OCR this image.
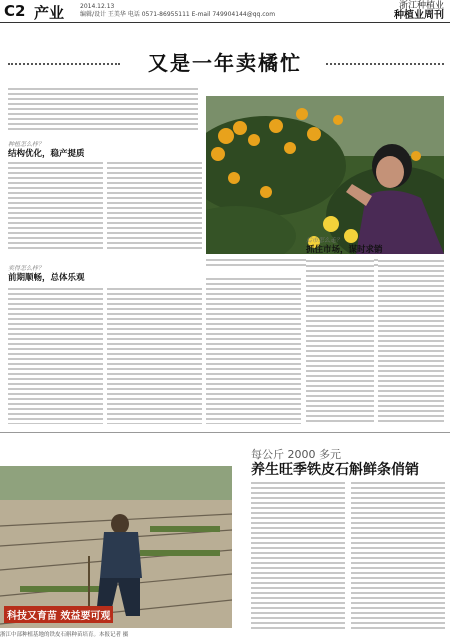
C2 产业	2014.12.13
编辑/设计 王美华 电话 0571-86955111 E-mail 749904144@qq.com
浙江种植业
种植业周刊
又是一年卖橘忙
种植怎么样？
结构优化，稳产提质
卖得怎么样？
前期顺畅，总体乐观
后市怎么走？
抓住市场，谋时求销
科技又育苗 效益要可观
浙江中部种植基地的铁皮石斛种苗培育。本报记者 摄
每公斤 2000 多元
养生旺季铁皮石斛鲜条俏销
